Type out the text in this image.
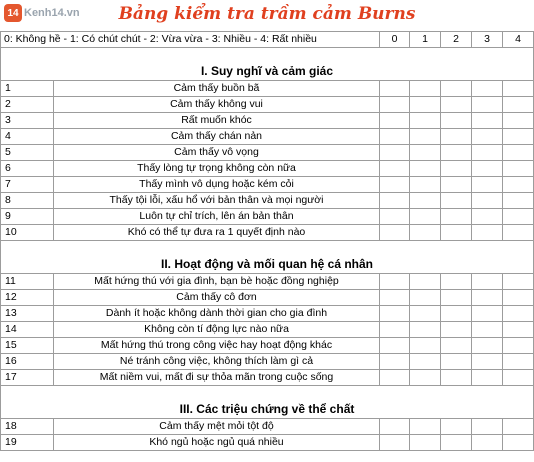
14 Kenh14.vn	Bảng kiểm tra trầm cảm Burns
0: Không hề - 1: Có chút chút - 2: Vừa vừa - 3: Nhiều - 4: Rất nhiều		0	1	2	3	4

I. Suy nghĩ và cảm giác						
1	Cảm thấy buồn bã					
2	Cảm thấy không vui					
3	Rất muốn khóc					
4	Cảm thấy chán nản					
5	Cảm thấy vô vọng					
6	Thấy lòng tự trọng không còn nữa					
7	Thấy mình vô dụng hoặc kém cỏi					
8	Thấy tội lỗi, xấu hổ với bản thân và mọi người					
9	Luôn tự chỉ trích, lên án bản thân					
10	Khó có thể tự đưa ra 1 quyết định nào					

II. Hoạt động và mối quan hệ cá nhân						
11	Mất hứng thú với gia đình, bạn bè hoặc đồng nghiệp					
12	Cảm thấy cô đơn					
13	Dành ít hoặc không dành thời gian cho gia đình					
14	Không còn tí động lực nào nữa					
15	Mất hứng thú trong công việc hay hoạt động khác					
16	Né tránh công việc, không thích làm gì cả					
17	Mất niềm vui, mất đi sự thỏa mãn trong cuộc sống					

III. Các triệu chứng về thể chất						
18	Cảm thấy mệt mỏi tột độ					
19	Khó ngủ hoặc ngủ quá nhiều					
